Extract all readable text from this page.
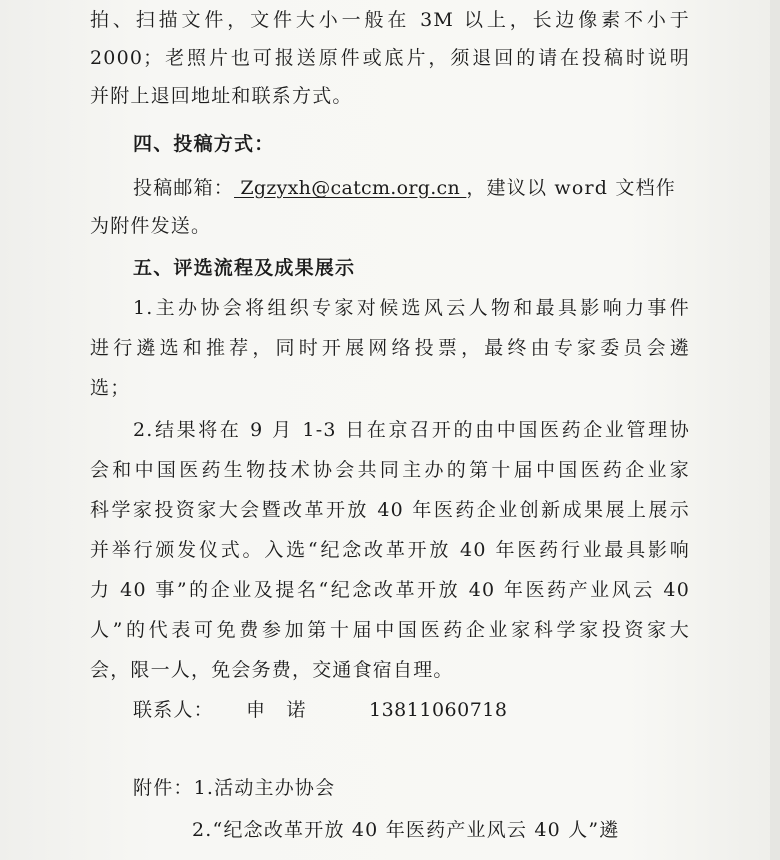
拍、扫描文件，文件大小一般在 3M 以上，长边像素不小于
2000；老照片也可报送原件或底片，须退回的请在投稿时说明
并附上退回地址和联系方式。
四、投稿方式：
投稿邮箱： Zgzyxh@catcm.org.cn ，建议以 word 文档作
为附件发送。
五、评选流程及成果展示
1.主办协会将组织专家对候选风云人物和最具影响力事件
进行遴选和推荐，同时开展网络投票，最终由专家委员会遴
选；
2.结果将在 9 月 1-3 日在京召开的由中国医药企业管理协
会和中国医药生物技术协会共同主办的第十届中国医药企业家
科学家投资家大会暨改革开放 40 年医药企业创新成果展上展示
并举行颁发仪式。入选“纪念改革开放 40 年医药行业最具影响
力 40 事”的企业及提名“纪念改革开放 40 年医药产业风云 40
人”的代表可免费参加第十届中国医药企业家科学家投资家大
会，限一人，免会务费，交通食宿自理。
联系人：	申　诺	13811060718
附件：1.活动主办协会
2.“纪念改革开放 40 年医药产业风云 40 人”遴
